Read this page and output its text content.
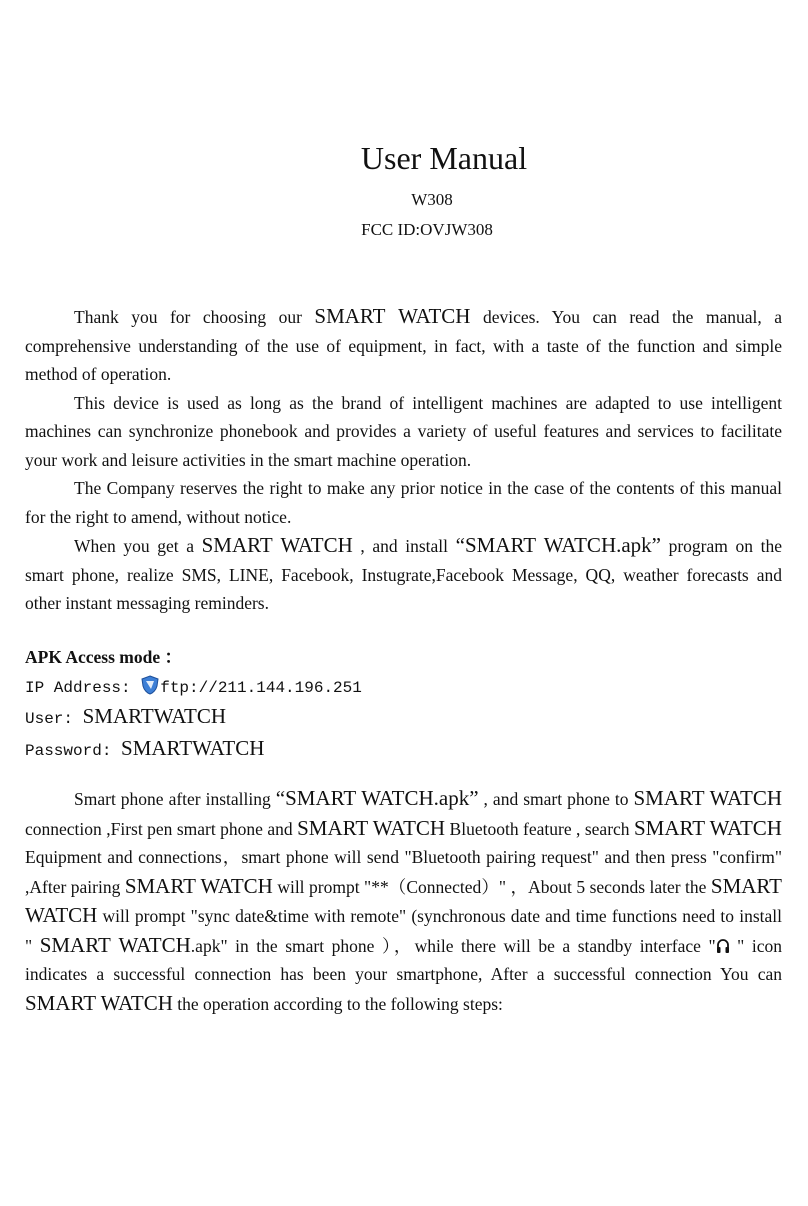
User Manual
W308
FCC ID:OVJW308

Thank you for choosing our SMART WATCH devices. You can read the manual, a comprehensive understanding of the use of equipment, in fact, with a taste of the function and simple method of operation.

This device is used as long as the brand of intelligent machines are adapted to use intelligent machines can synchronize phonebook and provides a variety of useful features and services to facilitate your work and leisure activities in the smart machine operation.

The Company reserves the right to make any prior notice in the case of the contents of this manual for the right to amend, without notice.

When you get a SMART WATCH , and install “SMART WATCH.apk” program on the smart phone, realize SMS, LINE, Facebook, Instugrate,Facebook Message, QQ, weather forecasts and other instant messaging reminders.

APK Access mode ：

IP Address: ftp://211.144.196.251

User: SMARTWATCH

Password: SMARTWATCH

Smart phone after installing “SMART WATCH.apk” , and smart phone to SMART WATCH connection ,First pen smart phone and SMART WATCH Bluetooth feature , search SMART WATCH Equipment and connections，smart phone will send "Bluetooth pairing request" and then press "confirm" ,After pairing SMART WATCH will prompt "**（Connected）" ，About 5 seconds later the SMART WATCH will prompt "sync date&time with remote" (synchronous date and time functions need to install " SMART WATCH.apk" in the smart phone ），while there will be a standby interface " " icon indicates a successful connection has been your smartphone, After a successful connection You can SMART WATCH the operation according to the following steps:
